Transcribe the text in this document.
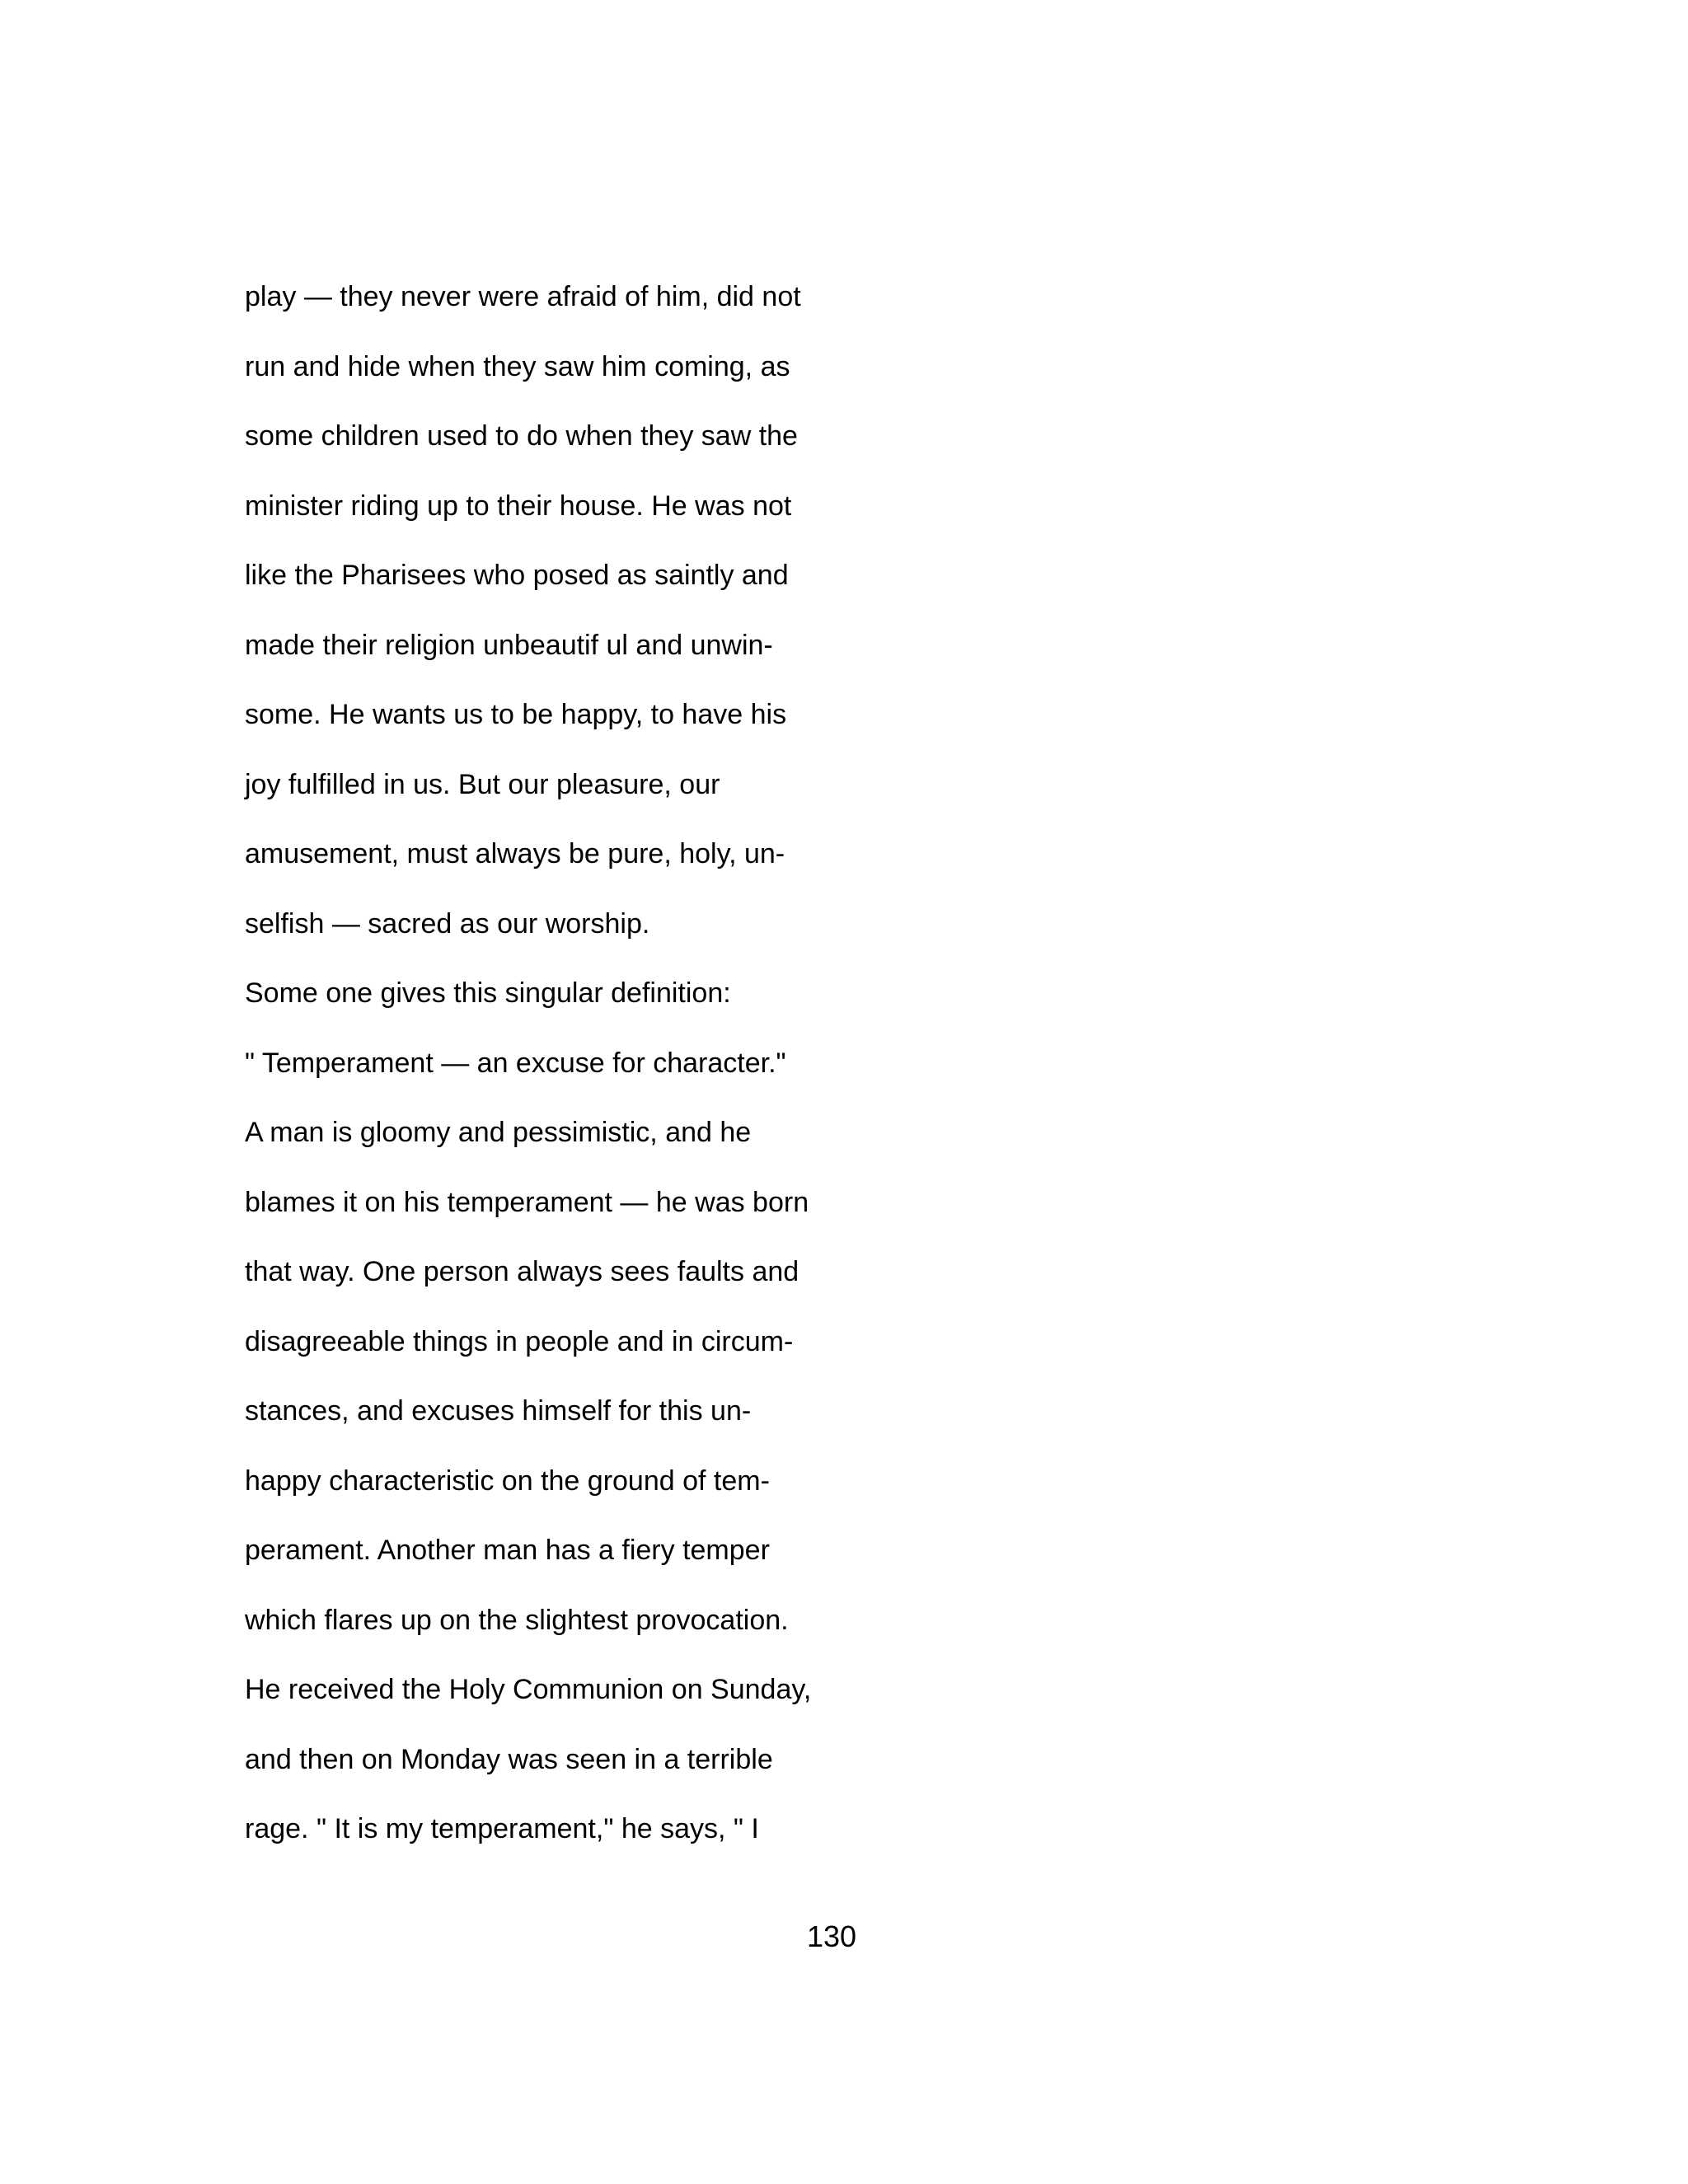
play — they never were afraid of him, did not
run and hide when they saw him coming, as
some children used to do when they saw the
minister riding up to their house. He was not
like the Pharisees who posed as saintly and
made their religion unbeautif ul and unwin-
some. He wants us to be happy, to have his
joy fulfilled in us. But our pleasure, our
amusement, must always be pure, holy, un-
selfish — sacred as our worship.
Some one gives this singular definition:
" Temperament — an excuse for character."
A man is gloomy and pessimistic, and he
blames it on his temperament — he was born
that way. One person always sees faults and
disagreeable things in people and in circum-
stances, and excuses himself for this un-
happy characteristic on the ground of tem-
perament. Another man has a fiery temper
which flares up on the slightest provocation.
He received the Holy Communion on Sunday,
and then on Monday was seen in a terrible
rage. " It is my temperament," he says, " I
130
